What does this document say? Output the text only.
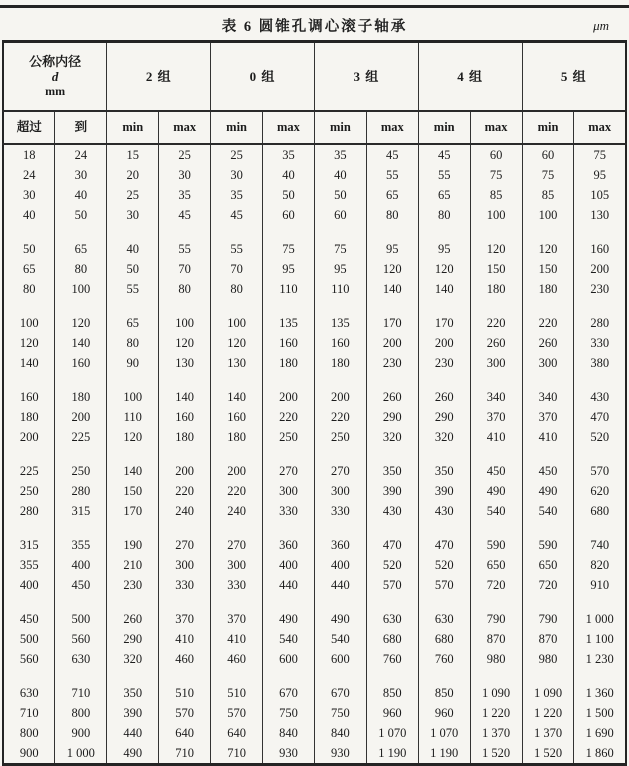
表 6 圆锥孔调心滚子轴承	μm
公称内径
d
mm		2 组		0 组		3 组		4 组		5 组	
超过	到	min	max	min	max	min	max	min	max	min	max
18	24	15	25	25	35	35	45	45	60	60	75
24	30	20	30	30	40	40	55	55	75	75	95
30	40	25	35	35	50	50	65	65	85	85	105
40	50	30	45	45	60	60	80	80	100	100	130

50	65	40	55	55	75	75	95	95	120	120	160
65	80	50	70	70	95	95	120	120	150	150	200
80	100	55	80	80	110	110	140	140	180	180	230

100	120	65	100	100	135	135	170	170	220	220	280
120	140	80	120	120	160	160	200	200	260	260	330
140	160	90	130	130	180	180	230	230	300	300	380

160	180	100	140	140	200	200	260	260	340	340	430
180	200	110	160	160	220	220	290	290	370	370	470
200	225	120	180	180	250	250	320	320	410	410	520

225	250	140	200	200	270	270	350	350	450	450	570
250	280	150	220	220	300	300	390	390	490	490	620
280	315	170	240	240	330	330	430	430	540	540	680

315	355	190	270	270	360	360	470	470	590	590	740
355	400	210	300	300	400	400	520	520	650	650	820
400	450	230	330	330	440	440	570	570	720	720	910

450	500	260	370	370	490	490	630	630	790	790	1 000
500	560	290	410	410	540	540	680	680	870	870	1 100
560	630	320	460	460	600	600	760	760	980	980	1 230

630	710	350	510	510	670	670	850	850	1 090	1 090	1 360
710	800	390	570	570	750	750	960	960	1 220	1 220	1 500
800	900	440	640	640	840	840	1 070	1 070	1 370	1 370	1 690
900	1 000	490	710	710	930	930	1 190	1 190	1 520	1 520	1 860
